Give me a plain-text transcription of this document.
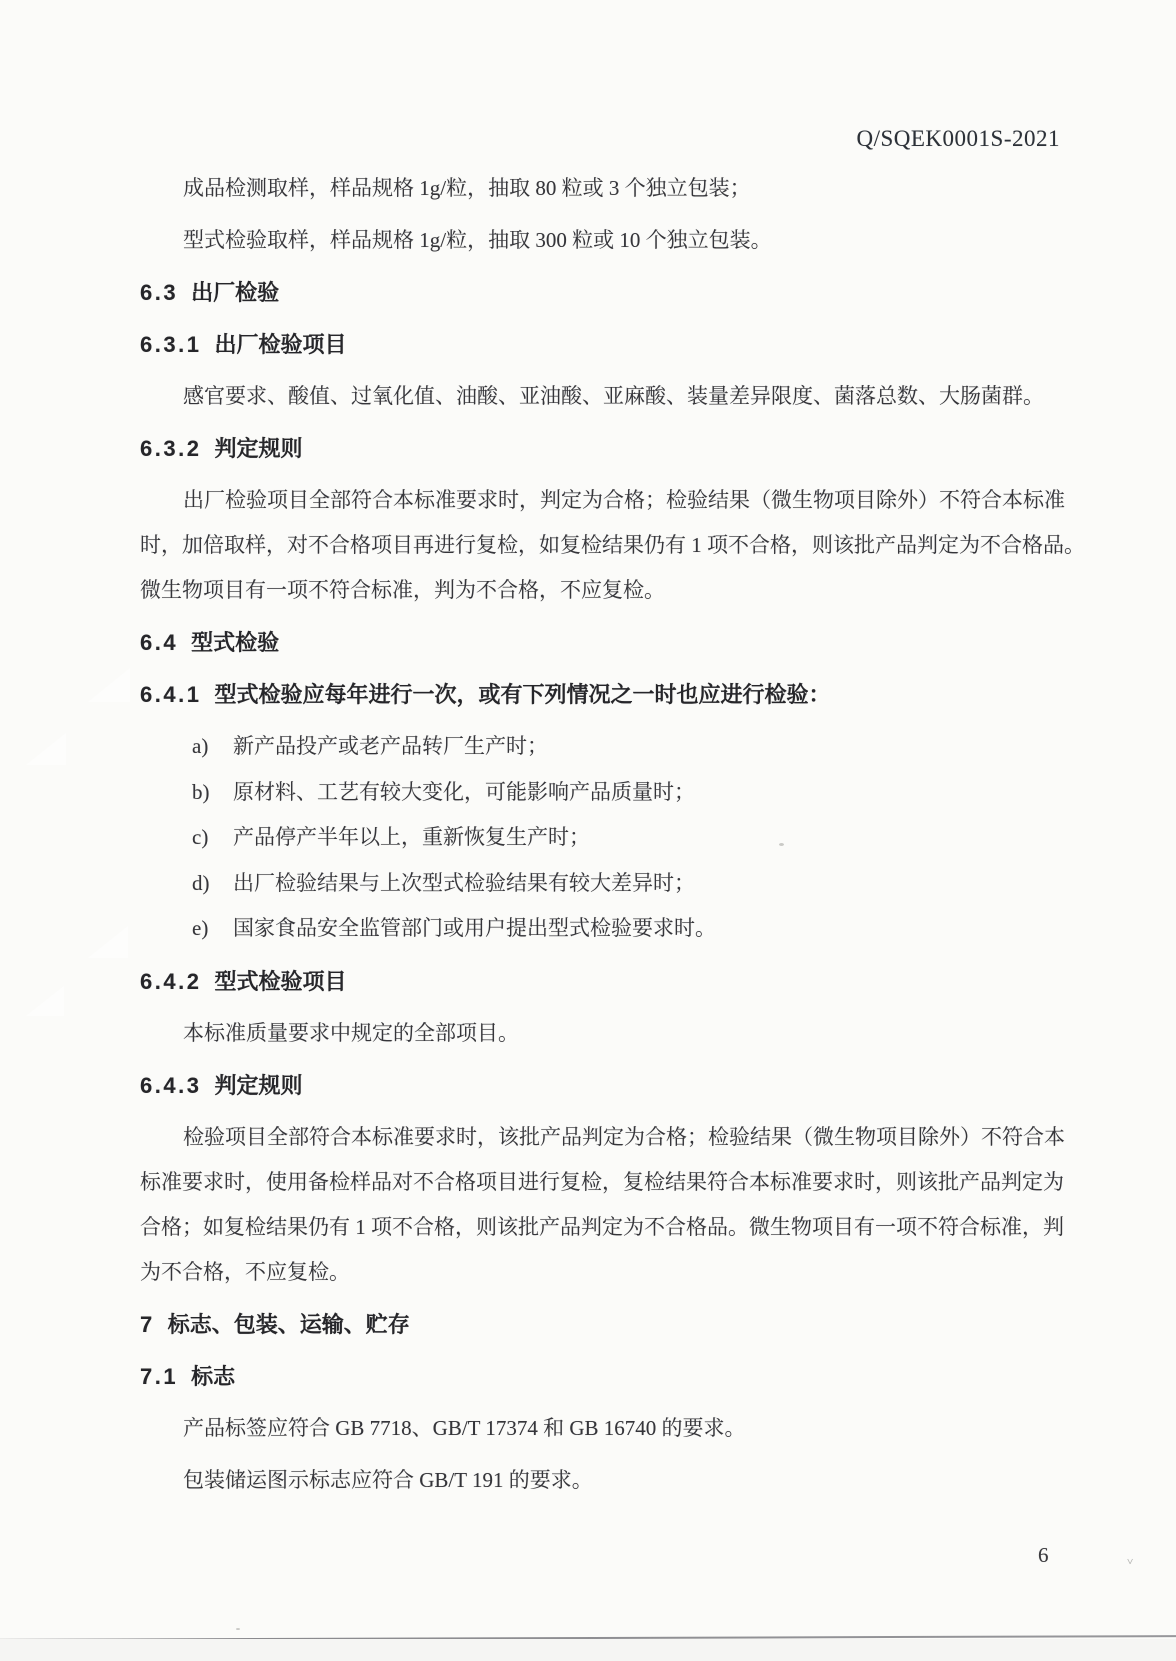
˅
Q/SQEK0001S-2021
成品检测取样，样品规格 1g/粒，抽取 80 粒或 3 个独立包装；
型式检验取样，样品规格 1g/粒，抽取 300 粒或 10 个独立包装。
6.3 出厂检验
6.3.1 出厂检验项目
感官要求、酸值、过氧化值、油酸、亚油酸、亚麻酸、装量差异限度、菌落总数、大肠菌群。
6.3.2 判定规则
出厂检验项目全部符合本标准要求时，判定为合格；检验结果（微生物项目除外）不符合本标准
时，加倍取样，对不合格项目再进行复检，如复检结果仍有 1 项不合格，则该批产品判定为不合格品。
微生物项目有一项不符合标准，判为不合格，不应复检。
6.4 型式检验
6.4.1 型式检验应每年进行一次，或有下列情况之一时也应进行检验：
a) 新产品投产或老产品转厂生产时；
b) 原材料、工艺有较大变化，可能影响产品质量时；
c) 产品停产半年以上，重新恢复生产时；
d) 出厂检验结果与上次型式检验结果有较大差异时；
e) 国家食品安全监管部门或用户提出型式检验要求时。
6.4.2 型式检验项目
本标准质量要求中规定的全部项目。
6.4.3 判定规则
检验项目全部符合本标准要求时，该批产品判定为合格；检验结果（微生物项目除外）不符合本
标准要求时，使用备检样品对不合格项目进行复检，复检结果符合本标准要求时，则该批产品判定为
合格；如复检结果仍有 1 项不合格，则该批产品判定为不合格品。微生物项目有一项不符合标准，判
为不合格，不应复检。
7 标志、包装、运输、贮存
7.1 标志
产品标签应符合 GB 7718、GB/T 17374 和 GB 16740 的要求。
包装储运图示标志应符合 GB/T 191 的要求。
6
